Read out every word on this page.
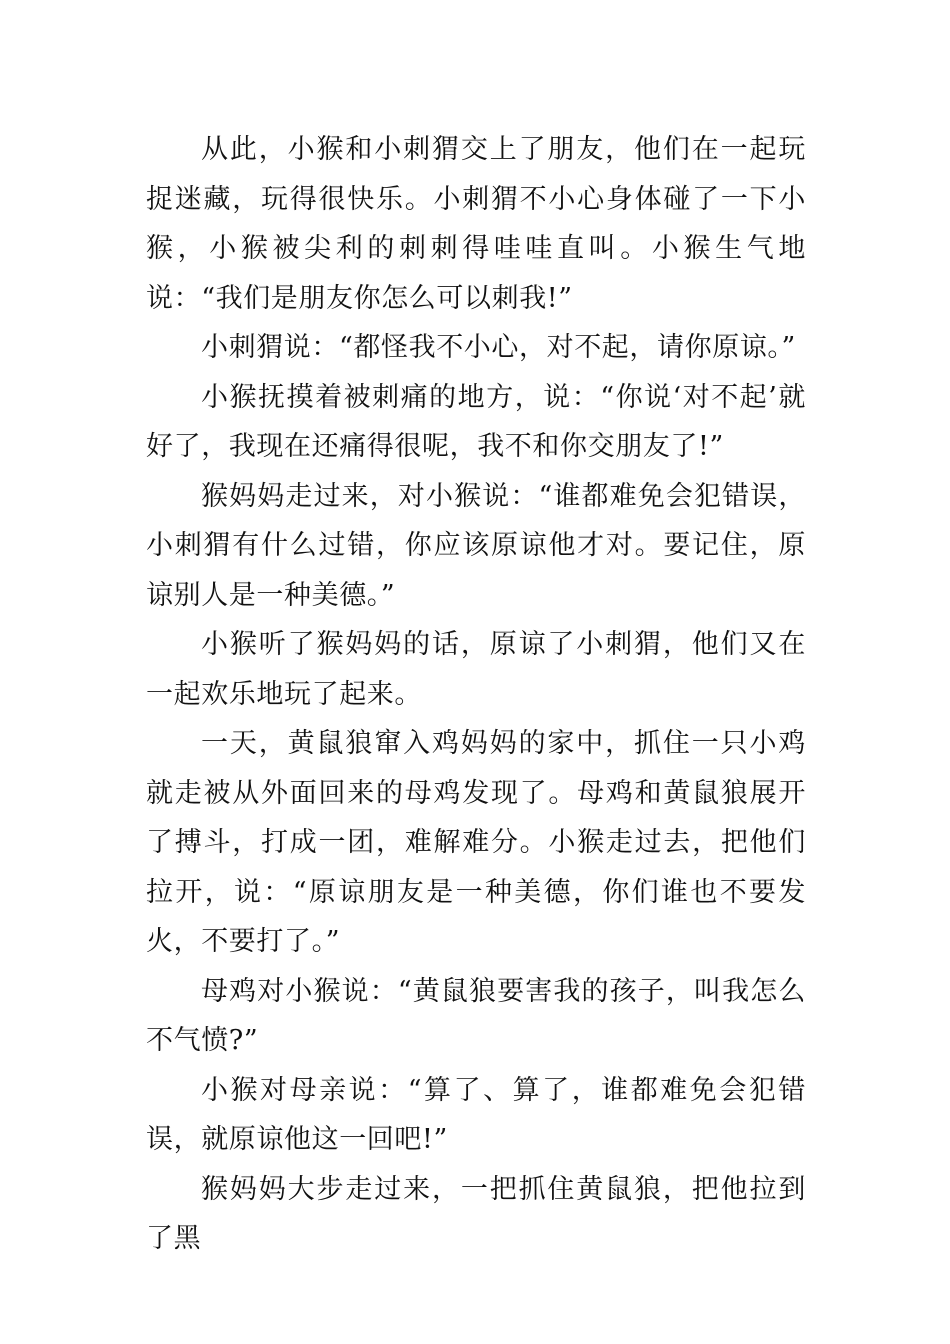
从此，小猴和小刺猬交上了朋友，他们在一起玩捉迷藏，玩得很快乐。小刺猬不小心身体碰了一下小猴，小猴被尖利的刺刺得哇哇直叫。小猴生气地说：“我们是朋友你怎么可以刺我!”

小刺猬说：“都怪我不小心，对不起，请你原谅。”

小猴抚摸着被刺痛的地方，说：“你说‘对不起’就好了，我现在还痛得很呢，我不和你交朋友了!”

猴妈妈走过来，对小猴说：“谁都难免会犯错误，小刺猬有什么过错，你应该原谅他才对。要记住，原谅别人是一种美德。”

小猴听了猴妈妈的话，原谅了小刺猬，他们又在一起欢乐地玩了起来。

一天，黄鼠狼窜入鸡妈妈的家中，抓住一只小鸡就走被从外面回来的母鸡发现了。母鸡和黄鼠狼展开了搏斗，打成一团，难解难分。小猴走过去，把他们拉开，说：“原谅朋友是一种美德，你们谁也不要发火，不要打了。”

母鸡对小猴说：“黄鼠狼要害我的孩子，叫我怎么不气愤?”

小猴对母亲说：“算了、算了，谁都难免会犯错误，就原谅他这一回吧!”

猴妈妈大步走过来，一把抓住黄鼠狼，把他拉到了黑
